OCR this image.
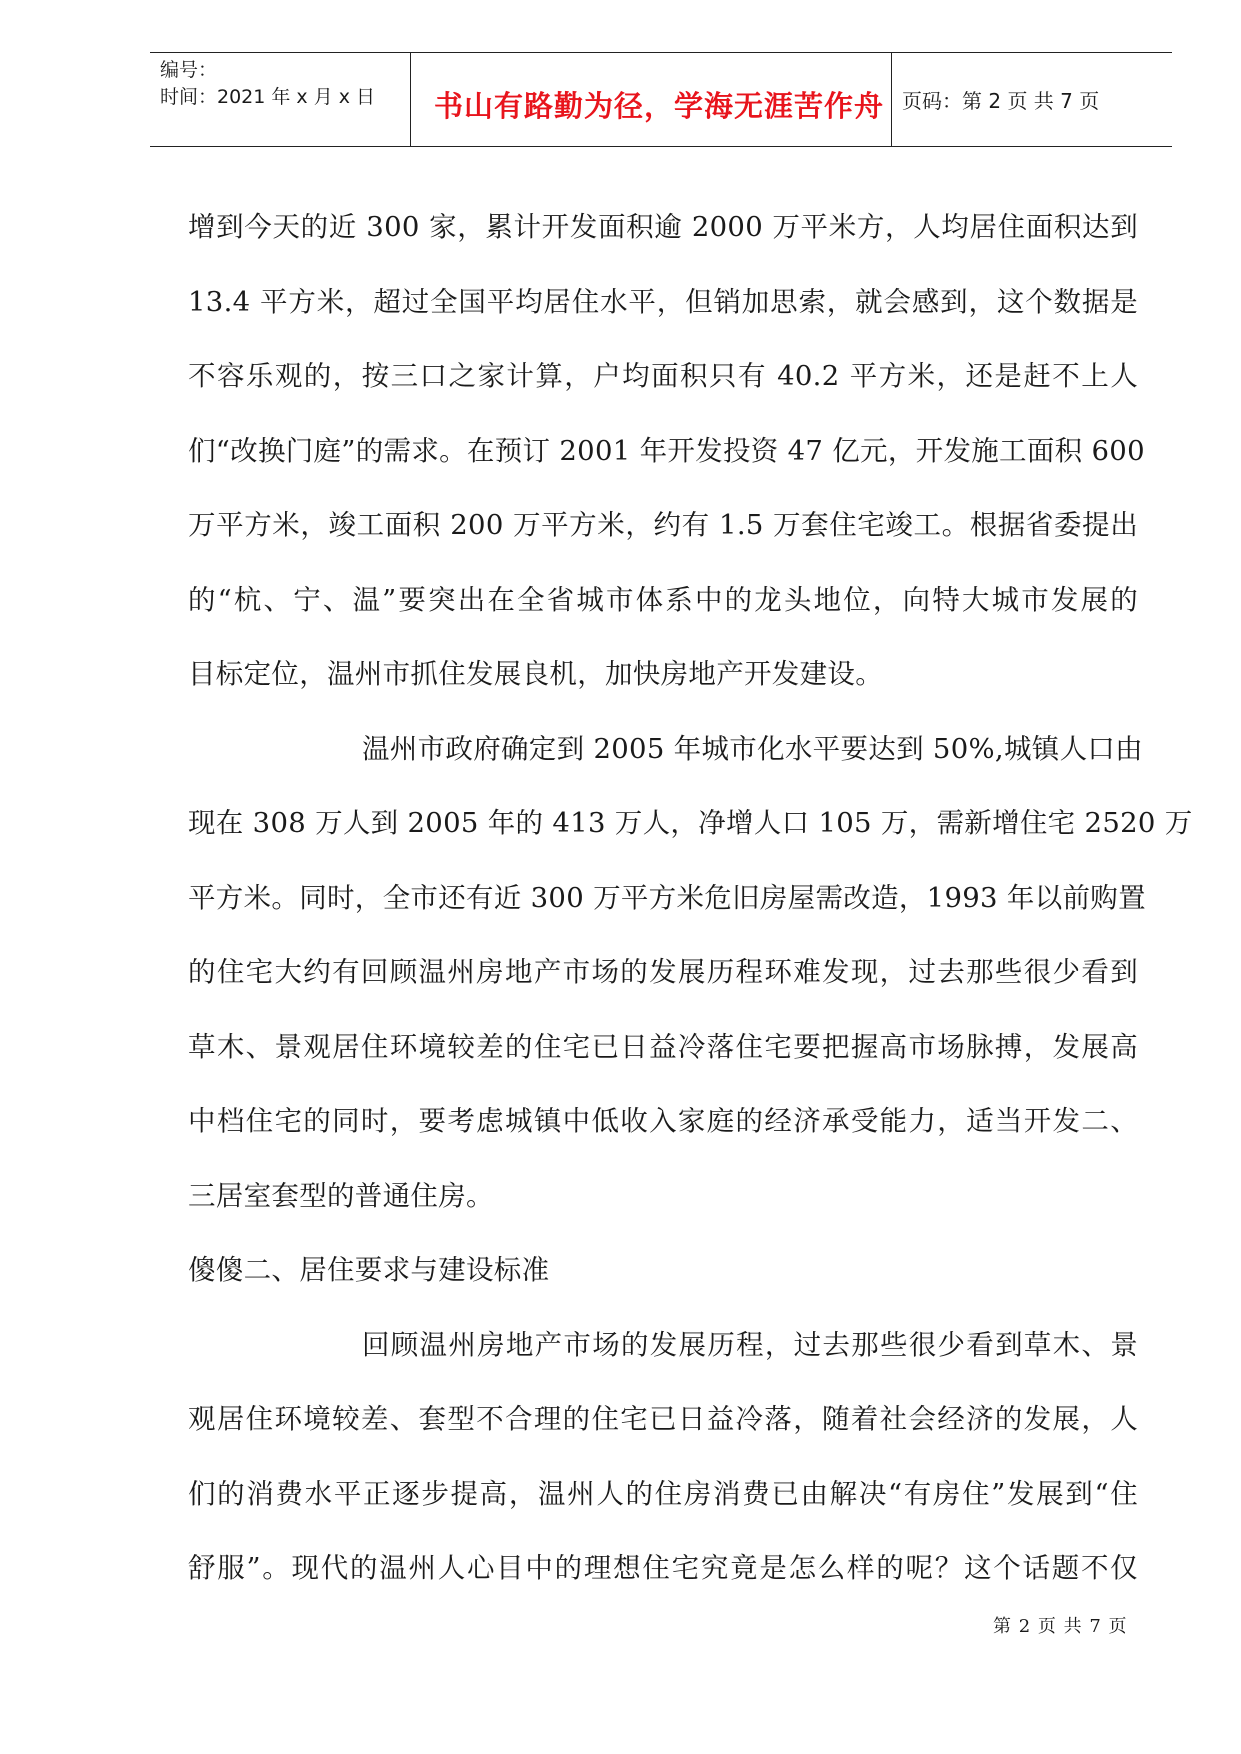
编号：
时间：2021 年 x 月 x 日 书山有路勤为径，学海无涯苦作舟 页码：第 2 页 共 7 页
增到今天的近 300 家，累计开发面积逾 2000 万平米方，人均居住面积达到
13.4 平方米，超过全国平均居住水平，但销加思索，就会感到，这个数据是
不容乐观的，按三口之家计算，户均面积只有 40.2 平方米，还是赶不上人
们“改换门庭”的需求。在预订 2001 年开发投资 47 亿元，开发施工面积 600
万平方米，竣工面积 200 万平方米，约有 1.5 万套住宅竣工。根据省委提出
的“杭、宁、温”要突出在全省城市体系中的龙头地位，向特大城市发展的
目标定位，温州市抓住发展良机，加快房地产开发建设。
温州市政府确定到 2005 年城市化水平要达到 50%,城镇人口由
现在 308 万人到 2005 年的 413 万人，净增人口 105 万，需新增住宅 2520 万
平方米。同时，全市还有近 300 万平方米危旧房屋需改造，1993 年以前购置
的住宅大约有回顾温州房地产市场的发展历程环难发现，过去那些很少看到
草木、景观居住环境较差的住宅已日益冷落住宅要把握高市场脉搏，发展高
中档住宅的同时，要考虑城镇中低收入家庭的经济承受能力，适当开发二、
三居室套型的普通住房。
傻傻二、居住要求与建设标准
回顾温州房地产市场的发展历程，过去那些很少看到草木、景
观居住环境较差、套型不合理的住宅已日益冷落，随着社会经济的发展，人
们的消费水平正逐步提高，温州人的住房消费已由解决“有房住”发展到“住
舒服”。现代的温州人心目中的理想住宅究竟是怎么样的呢？这个话题不仅
第 2 页 共 7 页
